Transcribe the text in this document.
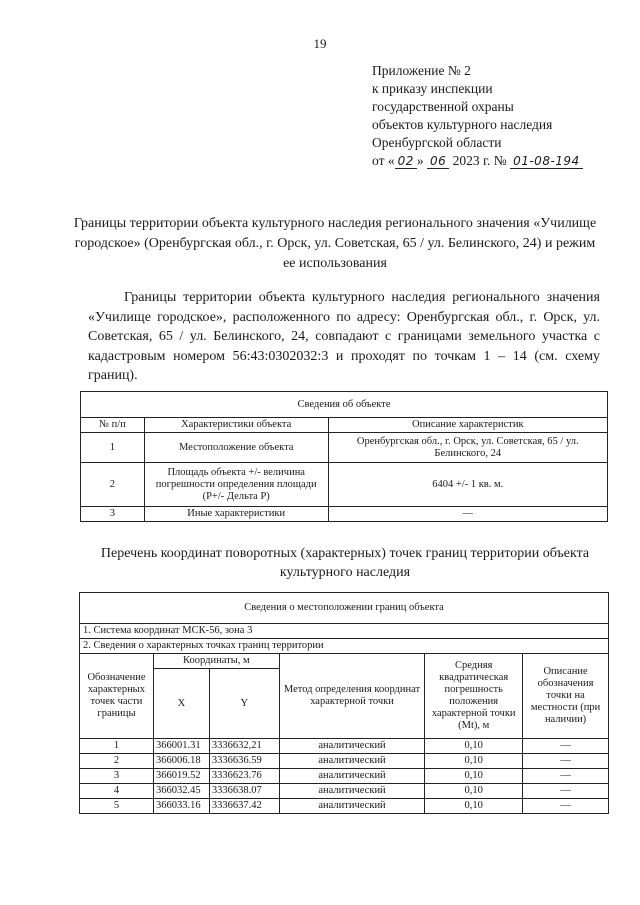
19
Приложение № 2
к приказу инспекции
государственной охраны
объектов культурного наследия
Оренбургской области
от « 02 » 06 2023 г. № 01-08-194
Границы территории объекта культурного наследия регионального значения «Училище городское» (Оренбургская обл., г. Орск, ул. Советская, 65 / ул. Белинского, 24) и режим ее использования

Границы территории объекта культурного наследия регионального значения «Училище городское», расположенного по адресу: Оренбургская обл., г. Орск, ул. Советская, 65 / ул. Белинского, 24, совпадают с границами земельного участка с кадастровым номером 56:43:0302032:3 и проходят по точкам 1 – 14 (см. схему границ).

Сведения об объекте		
№ п/п	Характеристики объекта	Описание характеристик
1	Местоположение объекта	Оренбургская обл., г. Орск, ул. Советская, 65 / ул. Белинского, 24
2	Площадь объекта +/- величина погрешности определения площади (Р+/- Дельта Р)	6404 +/- 1 кв. м.
3	Иные характеристики	—
Перечень координат поворотных (характерных) точек границ территории объекта культурного наследия
Сведения о местоположении границ объекта					
1. Система координат МСК-56, зона 3					
2. Сведения о характерных точках границ территории					
Обозначение характерных точек части границы	Координаты, м		Метод определения координат характерной точки	Средняя квадратическая погрешность положения характерной точки (Mt), м	Описание обозначения точки на местности (при наличии)
	X	Y			
1	366001.31	3336632,21	аналитический	0,10	—
2	366006.18	3336636.59	аналитический	0,10	—
3	366019.52	3336623.76	аналитический	0,10	—
4	366032.45	3336638.07	аналитический	0,10	—
5	366033.16	3336637.42	аналитический	0,10	—
